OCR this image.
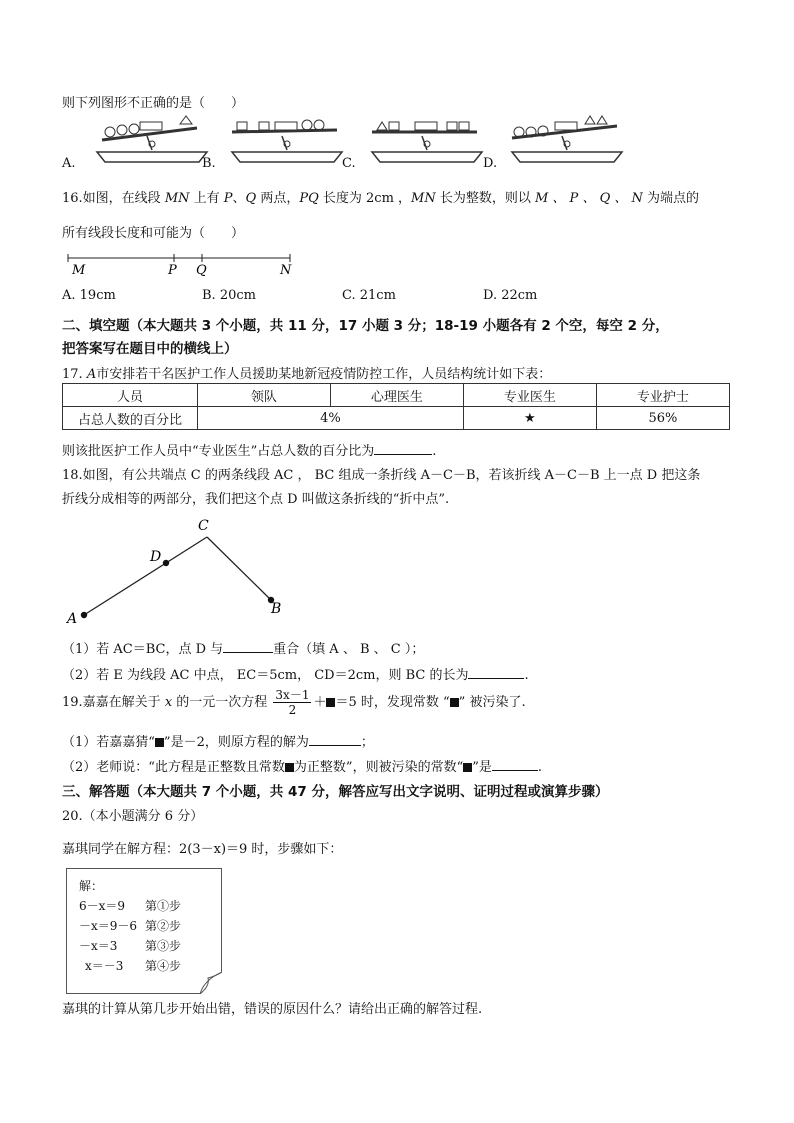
则下列图形不正确的是（　　）
A.	B.	C.	D.
16.如图，在线段 MN 上有 P、Q 两点，PQ 长度为 2cm ，MN 长为整数，则以 M 、 P 、 Q 、 N 为端点的
所有线段长度和可能为（　　）
M	P Q	N
A. 19cm	B. 20cm	C. 21cm	D. 22cm
二、填空题（本大题共 3 个小题，共 11 分，17 小题 3 分；18-19 小题各有 2 个空，每空 2 分，
把答案写在题目中的横线上）
17. A市安排若干名医护工作人员援助某地新冠疫情防控工作，人员结构统计如下表：
人员	领队	心理医生	专业医生	专业护士
占总人数的百分比	4%		★	56%
则该批医护工作人员中“专业医生”占总人数的百分比为	.
18.如图，有公共端点 C 的两条线段 AC ， BC 组成一条折线 A－C－B，若该折线 A－C－B 上一点 D 把这条
折线分成相等的两部分，我们把这个点 D 叫做这条折线的“折中点”.
C
D
A
B
（1）若 AC＝BC，点 D 与	重合（填 A 、 B 、 C ）；
（2）若 E 为线段 AC 中点， EC＝5cm， CD＝2cm，则 BC 的长为	.
19.嘉嘉在解关于 x 的一元一次方程 $\frac{3x-1}{2} + =5$ 时，发现常数 “ ” 被污染了.
（1）若嘉嘉猜“ ”是－2，则原方程的解为	；
（2）老师说：“此方程是正整数且常数 为正整数”，则被污染的常数“ ”是	.
三、解答题（本大题共 7 个小题，共 47 分，解答应写出文字说明、证明过程或演算步骤）
20.（本小题满分 6 分）
嘉琪同学在解方程：2(3－x)＝9 时，步骤如下：
解：
6－x＝9 第①步
－x＝9－6 第②步
－x＝3 第③步
x＝－3 第④步
嘉琪的计算从第几步开始出错，错误的原因什么？请给出正确的解答过程.
